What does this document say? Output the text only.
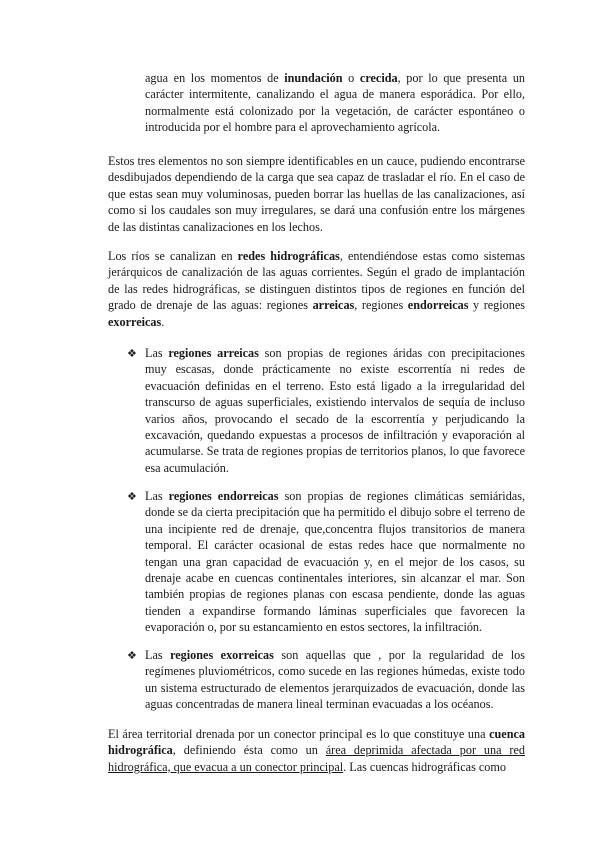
agua en los momentos de inundación o crecida, por lo que presenta un carácter intermitente, canalizando el agua de manera esporádica. Por ello, normalmente está colonizado por la vegetación, de carácter espontáneo o introducida por el hombre para el aprovechamiento agrícola.

Estos tres elementos no son siempre identificables en un cauce, pudiendo encontrarse desdibujados dependiendo de la carga que sea capaz de trasladar el río. En el caso de que estas sean muy voluminosas, pueden borrar las huellas de las canalizaciones, así como si los caudales son muy irregulares, se dará una confusión entre los márgenes de las distintas canalizaciones en los lechos.

Los ríos se canalizan en redes hidrográficas, entendiéndose estas como sistemas jerárquicos de canalización de las aguas corrientes. Según el grado de implantación de las redes hidrográficas, se distinguen distintos tipos de regiones en función del grado de drenaje de las aguas: regiones arreicas, regiones endorreicas y regiones exorreicas.

❖ Las regiones arreicas son propias de regiones áridas con precipitaciones muy escasas, donde prácticamente no existe escorrentía ni redes de evacuación definidas en el terreno. Esto está ligado a la irregularidad del transcurso de aguas superficiales, existiendo intervalos de sequía de incluso varios años, provocando el secado de la escorrentía y perjudicando la excavación, quedando expuestas a procesos de infiltración y evaporación al acumularse. Se trata de regiones propias de territorios planos, lo que favorece esa acumulación.

❖ Las regiones endorreicas son propias de regiones climáticas semiáridas, donde se da cierta precipitación que ha permitido el dibujo sobre el terreno de una incipiente red de drenaje, que,concentra flujos transitorios de manera temporal. El carácter ocasional de estas redes hace que normalmente no tengan una gran capacidad de evacuación y, en el mejor de los casos, su drenaje acabe en cuencas continentales interiores, sin alcanzar el mar. Son también propias de regiones planas con escasa pendiente, donde las aguas tienden a expandirse formando láminas superficiales que favorecen la evaporación o, por su estancamiento en estos sectores, la infiltración.

❖ Las regiones exorreicas son aquellas que , por la regularidad de los regímenes pluviométricos, como sucede en las regiones húmedas, existe todo un sistema estructurado de elementos jerarquizados de evacuación, donde las aguas concentradas de manera lineal terminan evacuadas a los océanos.

El área territorial drenada por un conector principal es lo que constituye una cuenca hidrográfica, definiendo ésta como un área deprimida afectada por una red hidrográfica, que evacua a un conector principal. Las cuencas hidrográficas como
